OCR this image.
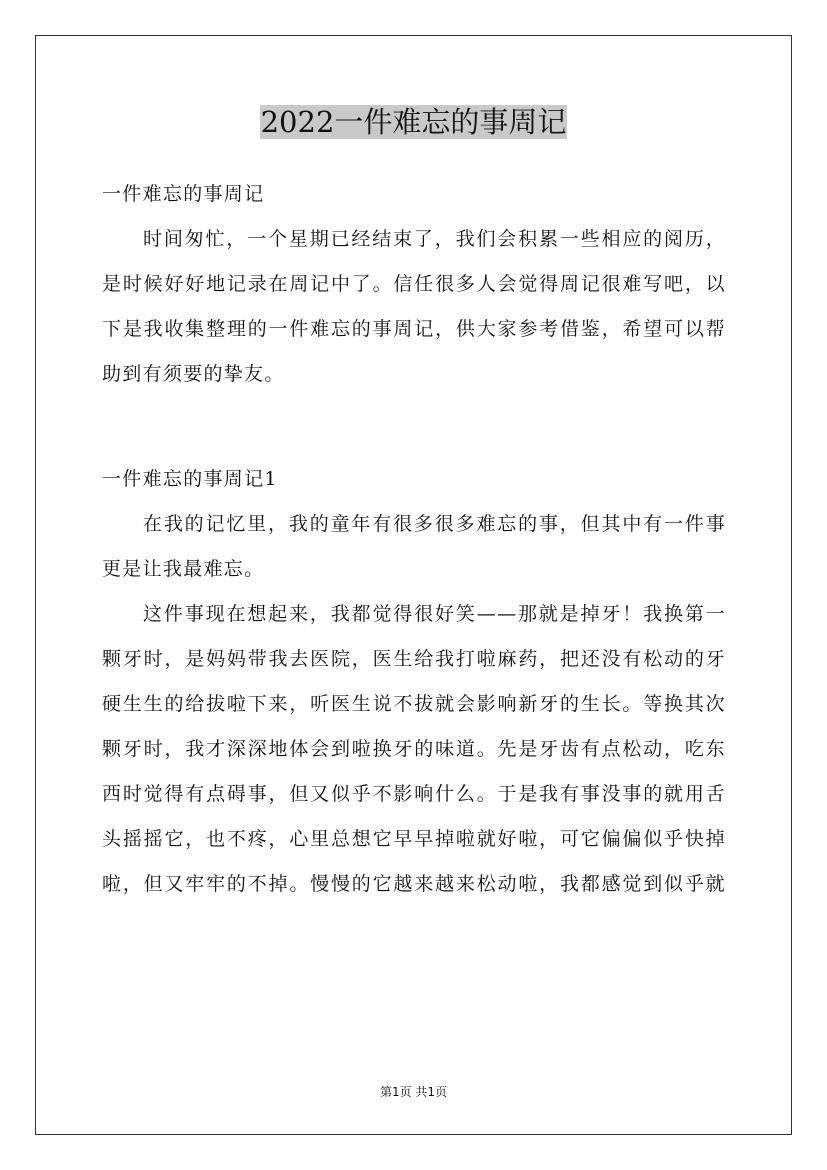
2022一件难忘的事周记
一件难忘的事周记
时间匆忙，一个星期已经结束了，我们会积累一些相应的阅历，
是时候好好地记录在周记中了。信任很多人会觉得周记很难写吧，以
下是我收集整理的一件难忘的事周记，供大家参考借鉴，希望可以帮
助到有须要的挚友。
一件难忘的事周记1
在我的记忆里，我的童年有很多很多难忘的事，但其中有一件事
更是让我最难忘。
这件事现在想起来，我都觉得很好笑——那就是掉牙！我换第一
颗牙时，是妈妈带我去医院，医生给我打啦麻药，把还没有松动的牙
硬生生的给拔啦下来，听医生说不拔就会影响新牙的生长。等换其次
颗牙时，我才深深地体会到啦换牙的味道。先是牙齿有点松动，吃东
西时觉得有点碍事，但又似乎不影响什么。于是我有事没事的就用舌
头摇摇它，也不疼，心里总想它早早掉啦就好啦，可它偏偏似乎快掉
啦，但又牢牢的不掉。慢慢的它越来越来松动啦，我都感觉到似乎就
第1页 共1页
